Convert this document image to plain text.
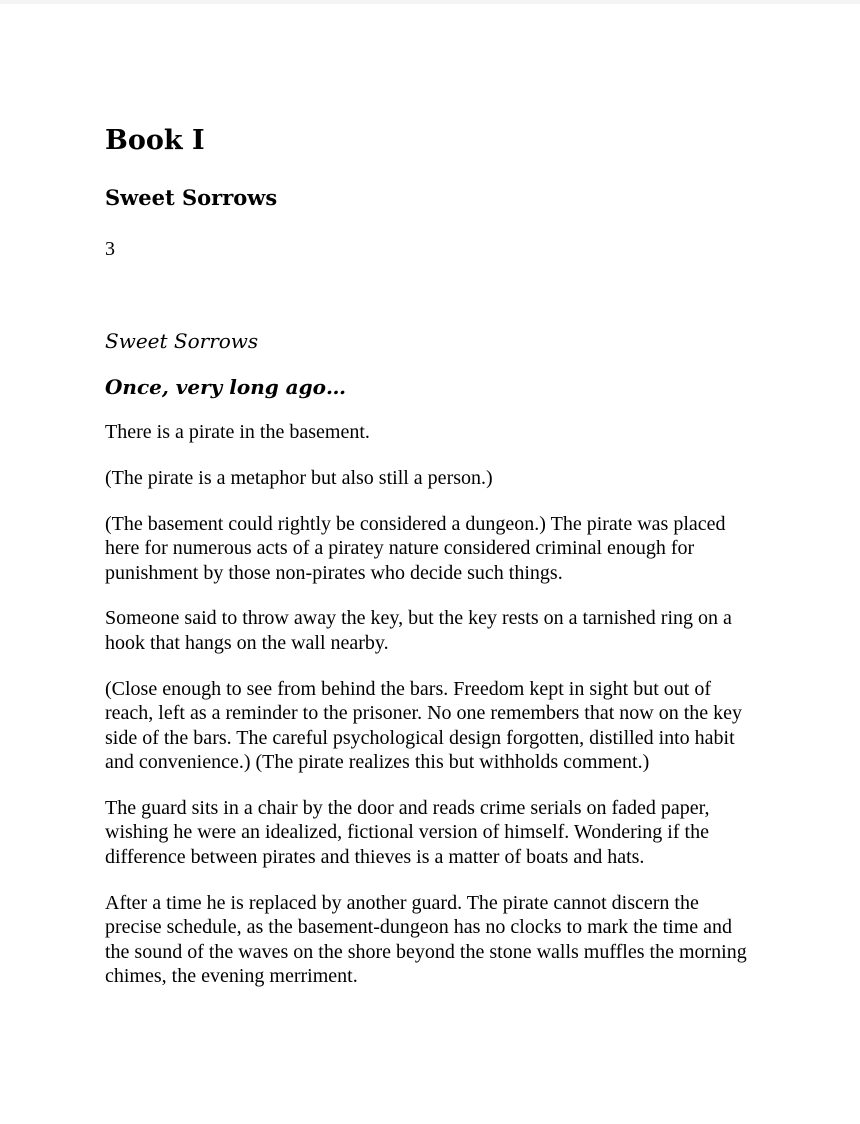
Book I
Sweet Sorrows

3

Sweet Sorrows

Once, very long ago…

There is a pirate in the basement.

(The pirate is a metaphor but also still a person.)

(The basement could rightly be considered a dungeon.) The pirate was placed here for numerous acts of a piratey nature considered criminal enough for punishment by those non-pirates who decide such things.

Someone said to throw away the key, but the key rests on a tarnished ring on a hook that hangs on the wall nearby.

(Close enough to see from behind the bars. Freedom kept in sight but out of reach, left as a reminder to the prisoner. No one remembers that now on the key side of the bars. The careful psychological design forgotten, distilled into habit and convenience.) (The pirate realizes this but withholds comment.)

The guard sits in a chair by the door and reads crime serials on faded paper, wishing he were an idealized, fictional version of himself. Wondering if the difference between pirates and thieves is a matter of boats and hats.

After a time he is replaced by another guard. The pirate cannot discern the precise schedule, as the basement-dungeon has no clocks to mark the time and the sound of the waves on the shore beyond the stone walls muffles the morning chimes, the evening merriment.
